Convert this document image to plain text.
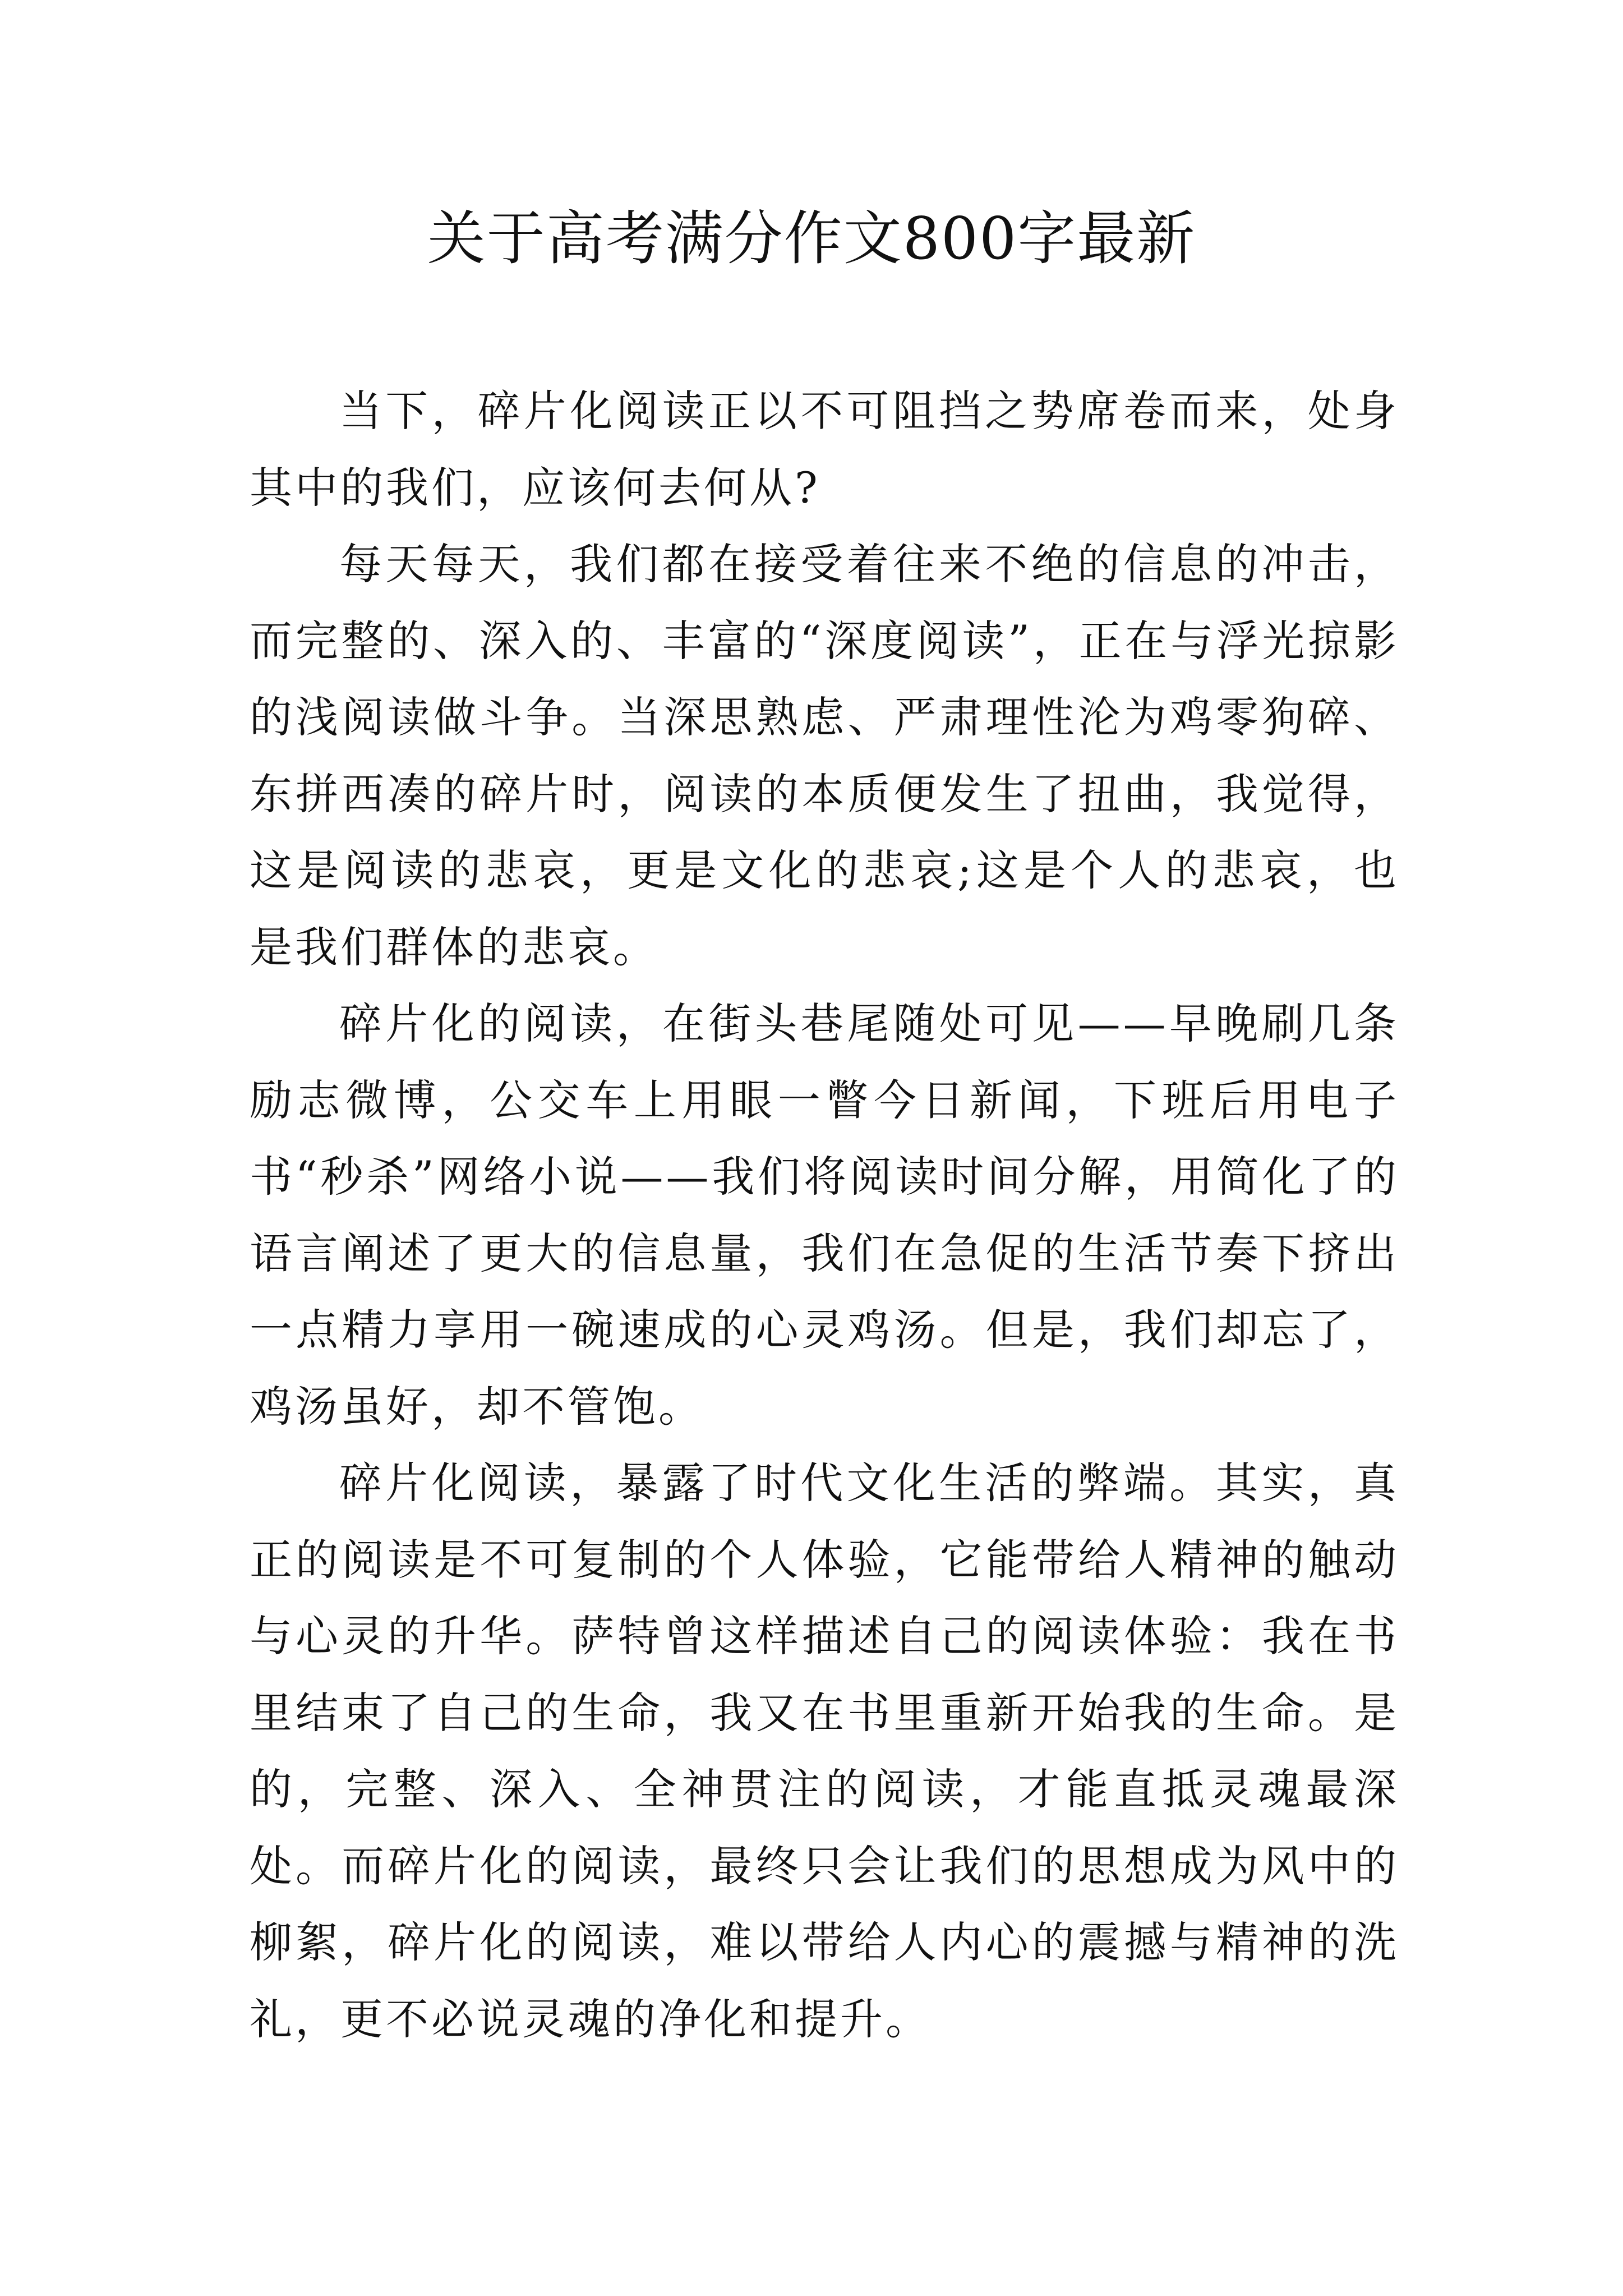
关于高考满分作文800字最新

当下，碎片化阅读正以不可阻挡之势席卷而来，处身其中的我们，应该何去何从?

每天每天，我们都在接受着往来不绝的信息的冲击，而完整的、深入的、丰富的“深度阅读”，正在与浮光掠影的浅阅读做斗争。当深思熟虑、严肃理性沦为鸡零狗碎、东拼西凑的碎片时，阅读的本质便发生了扭曲，我觉得，这是阅读的悲哀，更是文化的悲哀;这是个人的悲哀，也是我们群体的悲哀。

碎片化的阅读，在街头巷尾随处可见——早晚刷几条励志微博，公交车上用眼一瞥今日新闻，下班后用电子书“秒杀”网络小说——我们将阅读时间分解，用简化了的语言阐述了更大的信息量，我们在急促的生活节奏下挤出一点精力享用一碗速成的心灵鸡汤。但是，我们却忘了，鸡汤虽好，却不管饱。

碎片化阅读，暴露了时代文化生活的弊端。其实，真正的阅读是不可复制的个人体验，它能带给人精神的触动与心灵的升华。萨特曾这样描述自己的阅读体验：我在书里结束了自己的生命，我又在书里重新开始我的生命。是的，完整、深入、全神贯注的阅读，才能直抵灵魂最深处。而碎片化的阅读，最终只会让我们的思想成为风中的柳絮，碎片化的阅读，难以带给人内心的震撼与精神的洗礼，更不必说灵魂的净化和提升。
